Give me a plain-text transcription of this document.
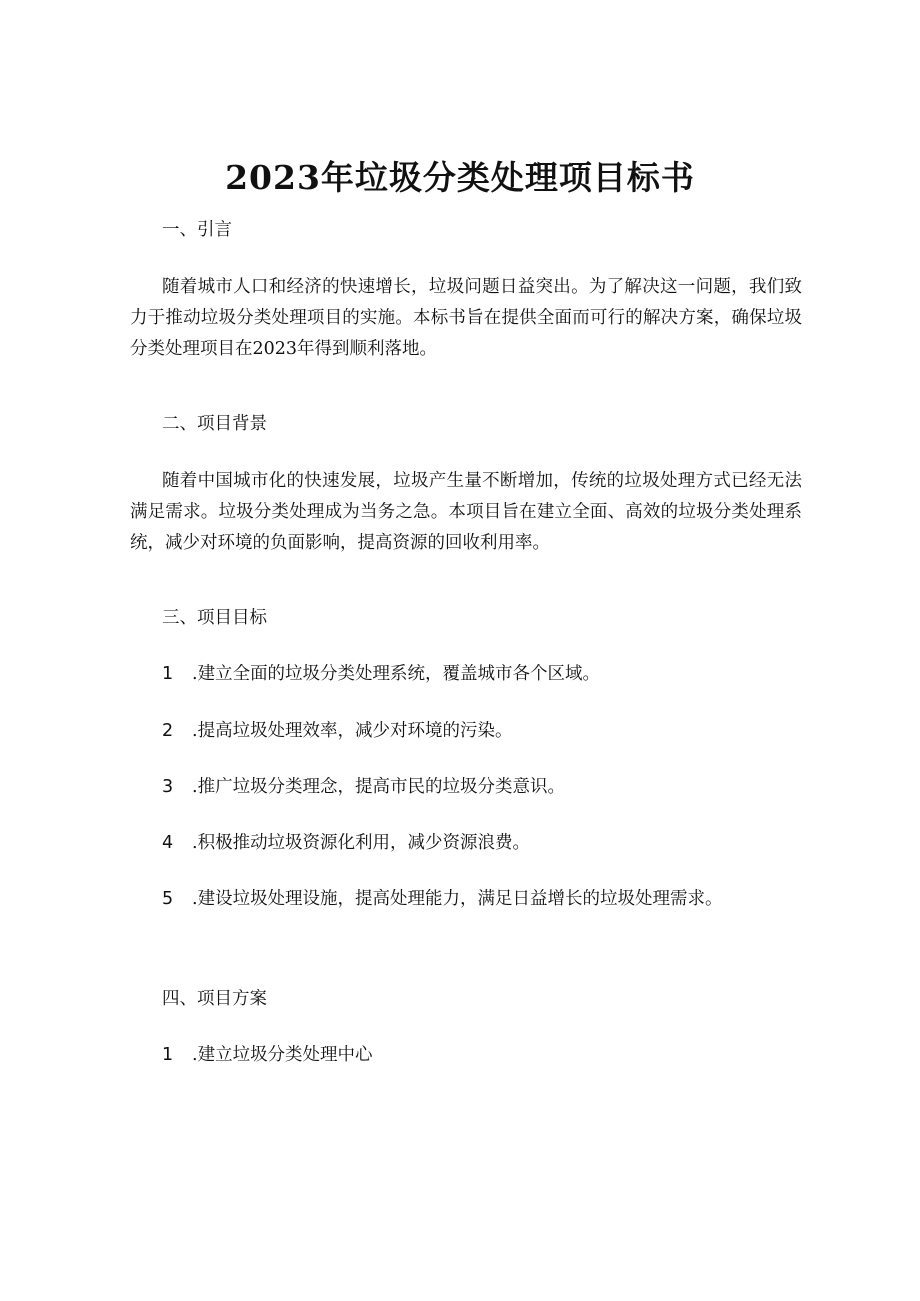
2023年垃圾分类处理项目标书

一、引言

随着城市人口和经济的快速增长，垃圾问题日益突出。为了解决这一问题，我们致力于推动垃圾分类处理项目的实施。本标书旨在提供全面而可行的解决方案，确保垃圾分类处理项目在2023年得到顺利落地。

二、项目背景

随着中国城市化的快速发展，垃圾产生量不断增加，传统的垃圾处理方式已经无法满足需求。垃圾分类处理成为当务之急。本项目旨在建立全面、高效的垃圾分类处理系统，减少对环境的负面影响，提高资源的回收利用率。

三、项目目标

1 .建立全面的垃圾分类处理系统，覆盖城市各个区域。

2 .提高垃圾处理效率，减少对环境的污染。

3 .推广垃圾分类理念，提高市民的垃圾分类意识。

4 .积极推动垃圾资源化利用，减少资源浪费。

5 .建设垃圾处理设施，提高处理能力，满足日益增长的垃圾处理需求。

四、项目方案

1 .建立垃圾分类处理中心
